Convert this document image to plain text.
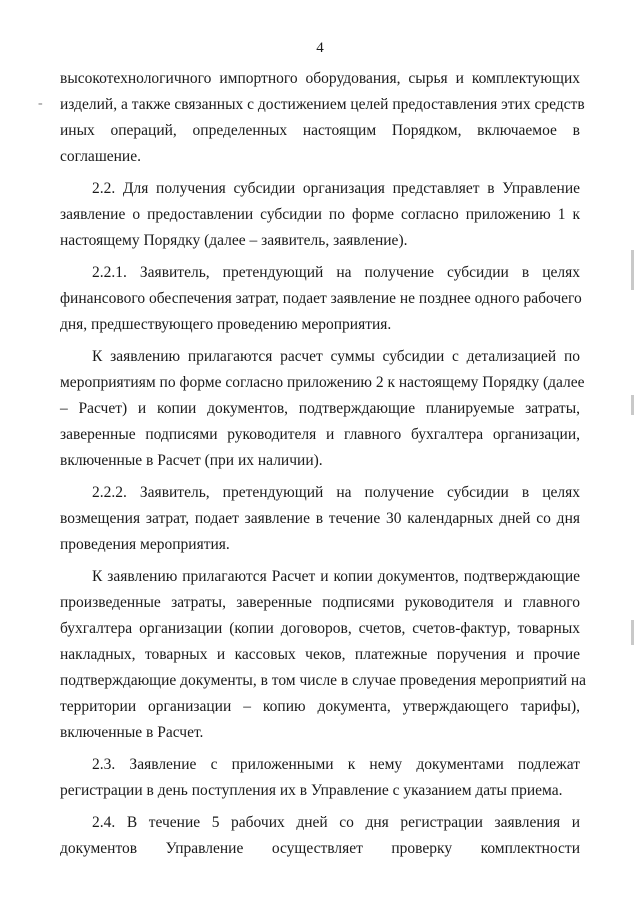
4
-
высокотехнологичного импортного оборудования, сырья и комплектующих
изделий, а также связанных с достижением целей предоставления этих средств
иных операций, определенных настоящим Порядком, включаемое в
соглашение.
2.2. Для получения субсидии организация представляет в Управление
заявление о предоставлении субсидии по форме согласно приложению 1 к
настоящему Порядку (далее – заявитель, заявление).
2.2.1. Заявитель, претендующий на получение субсидии в целях
финансового обеспечения затрат, подает заявление не позднее одного рабочего
дня, предшествующего проведению мероприятия.
К заявлению прилагаются расчет суммы субсидии с детализацией по
мероприятиям по форме согласно приложению 2 к настоящему Порядку (далее
– Расчет) и копии документов, подтверждающие планируемые затраты,
заверенные подписями руководителя и главного бухгалтера организации,
включенные в Расчет (при их наличии).
2.2.2. Заявитель, претендующий на получение субсидии в целях
возмещения затрат, подает заявление в течение 30 календарных дней со дня
проведения мероприятия.
К заявлению прилагаются Расчет и копии документов, подтверждающие
произведенные затраты, заверенные подписями руководителя и главного
бухгалтера организации (копии договоров, счетов, счетов-фактур, товарных
накладных, товарных и кассовых чеков, платежные поручения и прочие
подтверждающие документы, в том числе в случае проведения мероприятий на
территории организации – копию документа, утверждающего тарифы),
включенные в Расчет.
2.3. Заявление с приложенными к нему документами подлежат
регистрации в день поступления их в Управление с указанием даты приема.
2.4. В течение 5 рабочих дней со дня регистрации заявления и
документов Управление осуществляет проверку комплектности
